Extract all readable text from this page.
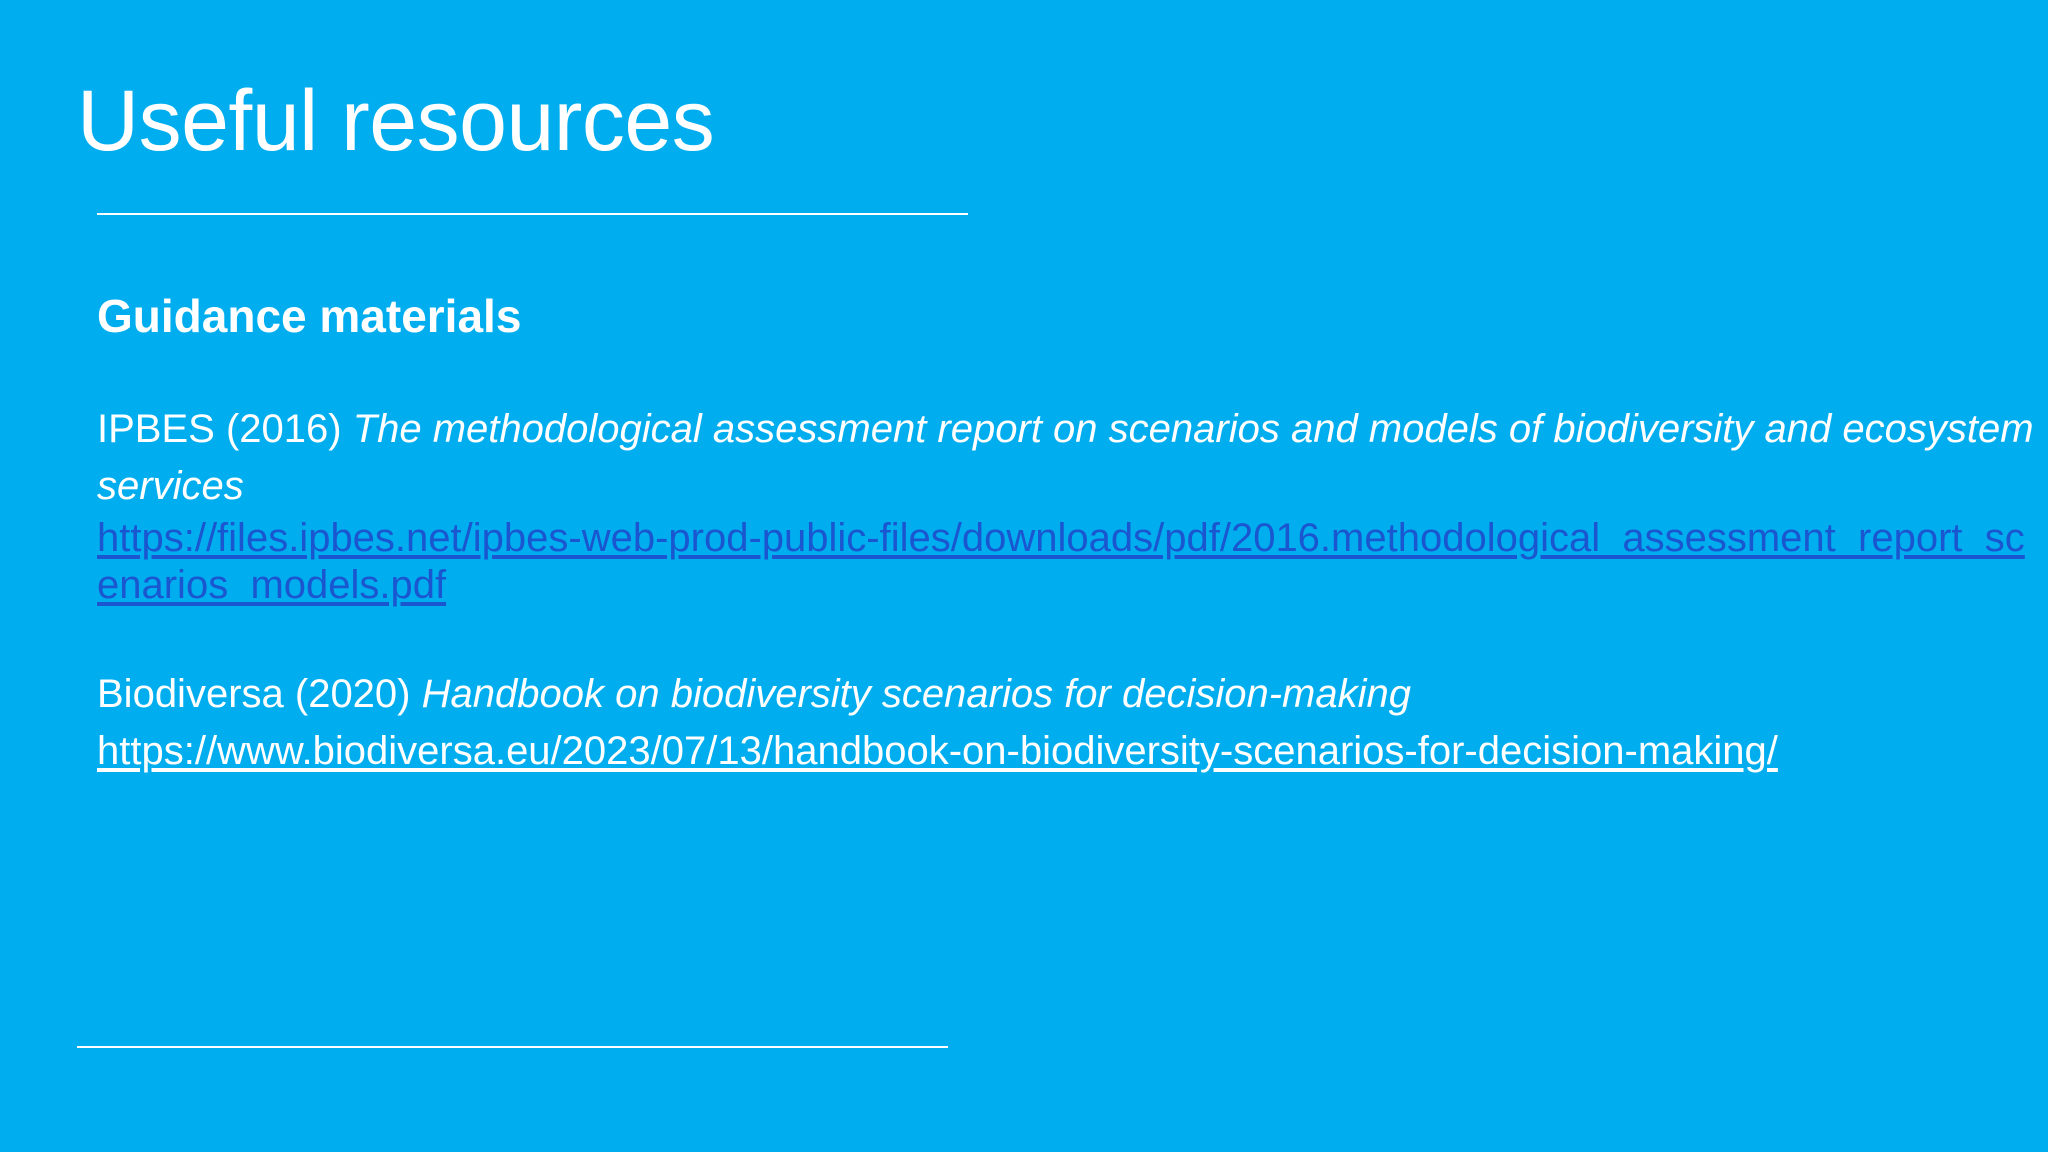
Useful resources
Guidance materials

IPBES (2016) The methodological assessment report on scenarios and models of biodiversity and ecosystem services

https://files.ipbes.net/ipbes-web-prod-public-files/downloads/pdf/2016.methodological_assessment_report_scenarios_models.pdf

Biodiversa (2020) Handbook on biodiversity scenarios for decision-making

https://www.biodiversa.eu/2023/07/13/handbook-on-biodiversity-scenarios-for-decision-making/
